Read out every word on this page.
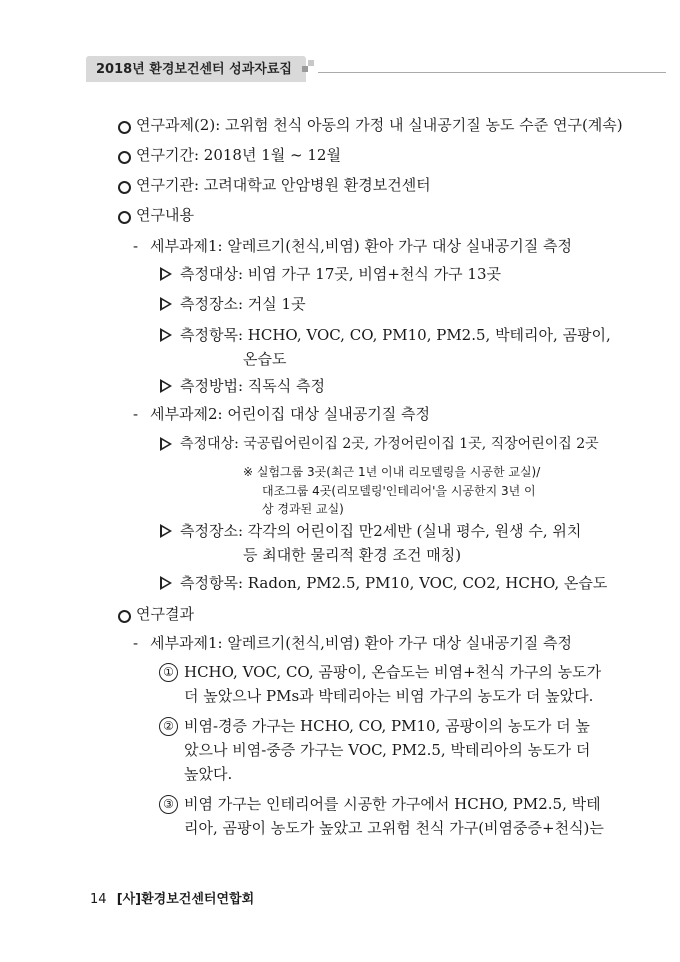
2018년 환경보건센터 성과자료집
연구과제(2): 고위험 천식 아동의 가정 내 실내공기질 농도 수준 연구(계속)
연구기간: 2018년 1월 ~ 12월
연구기관: 고려대학교 안암병원 환경보건센터
연구내용
- 세부과제1: 알레르기(천식,비염) 환아 가구 대상 실내공기질 측정
측정대상: 비염 가구 17곳, 비염+천식 가구 13곳
측정장소: 거실 1곳
측정항목: HCHO, VOC, CO, PM10, PM2.5, 박테리아, 곰팡이,
온습도
측정방법: 직독식 측정
- 세부과제2: 어린이집 대상 실내공기질 측정
측정대상: 국공립어린이집 2곳, 가정어린이집 1곳, 직장어린이집 2곳
※ 실험그룹 3곳(최근 1년 이내 리모델링을 시공한 교실)/
대조그룹 4곳(리모델링'인테리어'을 시공한지 3년 이
상 경과된 교실)
측정장소: 각각의 어린이집 만2세반 (실내 평수, 원생 수, 위치
등 최대한 물리적 환경 조건 매칭)
측정항목: Radon, PM2.5, PM10, VOC, CO2, HCHO, 온습도
연구결과
- 세부과제1: 알레르기(천식,비염) 환아 가구 대상 실내공기질 측정
① HCHO, VOC, CO, 곰팡이, 온습도는 비염+천식 가구의 농도가
더 높았으나 PMs과 박테리아는 비염 가구의 농도가 더 높았다.
② 비염-경증 가구는 HCHO, CO, PM10, 곰팡이의 농도가 더 높
았으나 비염-중증 가구는 VOC, PM2.5, 박테리아의 농도가 더
높았다.
③ 비염 가구는 인테리어를 시공한 가구에서 HCHO, PM2.5, 박테
리아, 곰팡이 농도가 높았고 고위험 천식 가구(비염중증+천식)는
14 [사]환경보건센터연합회
